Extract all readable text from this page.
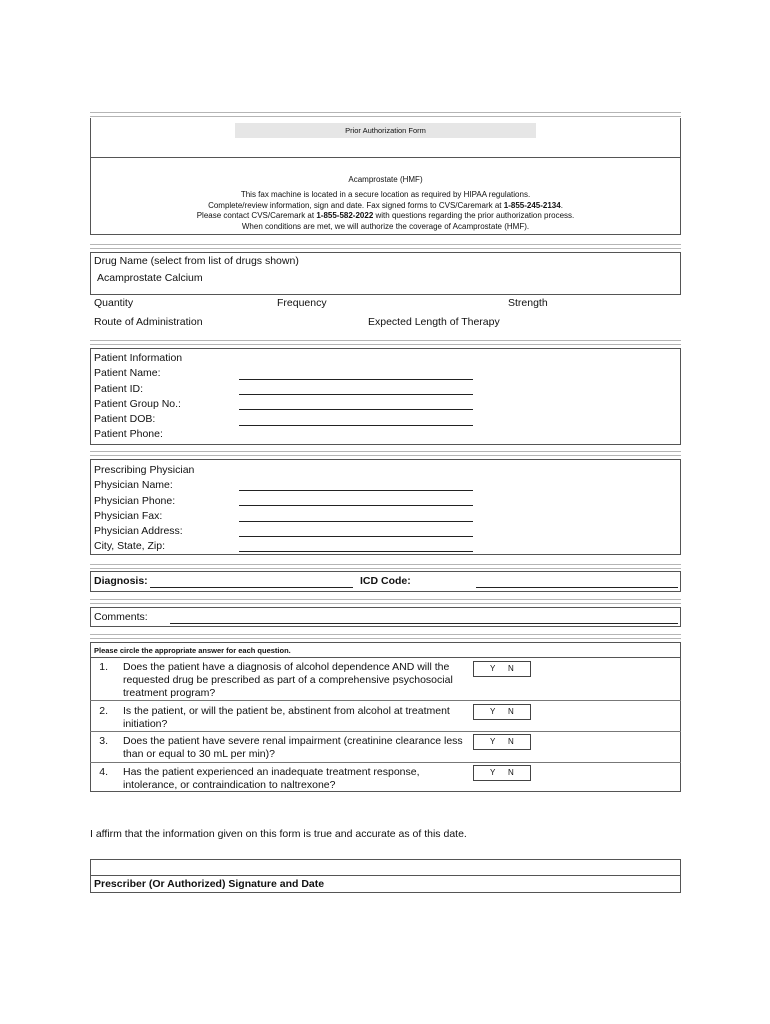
Prior Authorization Form
Acamprostate (HMF)
This fax machine is located in a secure location as required by HIPAA regulations.
Complete/review information, sign and date. Fax signed forms to CVS/Caremark at 1-855-245-2134.
Please contact CVS/Caremark at 1-855-582-2022 with questions regarding the prior authorization process.
When conditions are met, we will authorize the coverage of Acamprostate (HMF).
Drug Name (select from list of drugs shown)
Acamprostate Calcium
Quantity	Frequency	Strength
Route of Administration	Expected Length of Therapy
Patient Information
Patient Name:
Patient ID:
Patient Group No.:
Patient DOB:
Patient Phone:
Prescribing Physician
Physician Name:
Physician Phone:
Physician Fax:
Physician Address:
City, State, Zip:
Diagnosis:	ICD Code:
Comments:
Please circle the appropriate answer for each question.
1. Does the patient have a diagnosis of alcohol dependence AND will the
requested drug be prescribed as part of a comprehensive psychosocial
treatment program?
Y N
2. Is the patient, or will the patient be, abstinent from alcohol at treatment
initiation?
Y N
3. Does the patient have severe renal impairment (creatinine clearance less
than or equal to 30 mL per min)?
Y N
4. Has the patient experienced an inadequate treatment response,
intolerance, or contraindication to naltrexone?
Y N
I affirm that the information given on this form is true and accurate as of this date.
Prescriber (Or Authorized) Signature and Date
